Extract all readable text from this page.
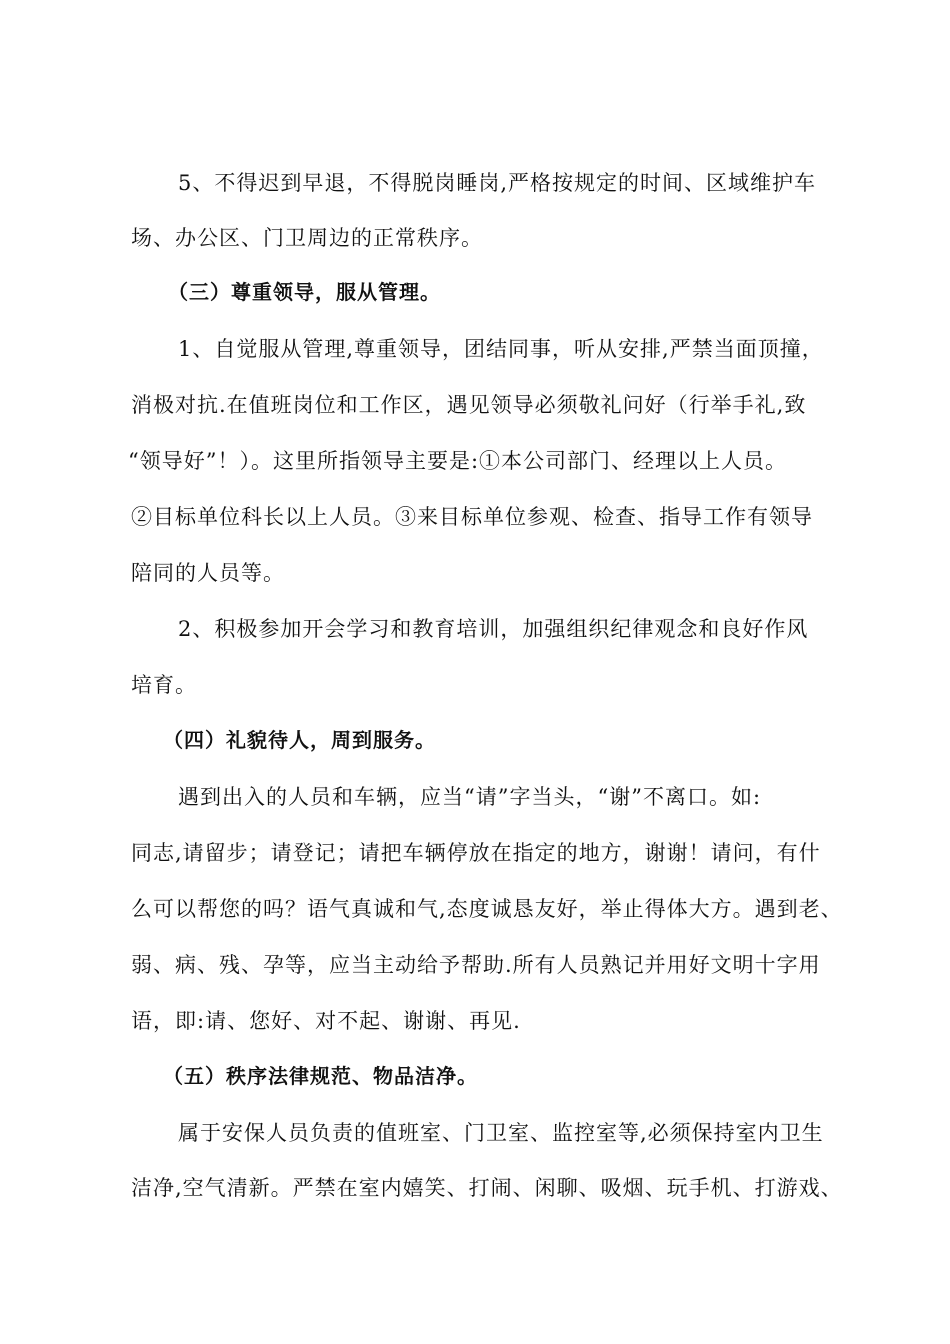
5、不得迟到早退，不得脱岗睡岗,严格按规定的时间、区域维护车

场、办公区、门卫周边的正常秩序。

（三）尊重领导，服从管理。

1、自觉服从管理,尊重领导，团结同事，听从安排,严禁当面顶撞，

消极对抗.在值班岗位和工作区，遇见领导必须敬礼问好（行举手礼,致

“领导好”！）。这里所指领导主要是:①本公司部门、经理以上人员。

②目标单位科长以上人员。③来目标单位参观、检查、指导工作有领导

陪同的人员等。

2、积极参加开会学习和教育培训，加强组织纪律观念和良好作风

培育。

（四）礼貌待人，周到服务。

遇到出入的人员和车辆，应当“请”字当头，“谢”不离口。如:

同志,请留步；请登记；请把车辆停放在指定的地方，谢谢！请问，有什

么可以帮您的吗？语气真诚和气,态度诚恳友好，举止得体大方。遇到老、

弱、病、残、孕等，应当主动给予帮助.所有人员熟记并用好文明十字用

语，即:请、您好、对不起、谢谢、再见.

（五）秩序法律规范、物品洁净。

属于安保人员负责的值班室、门卫室、监控室等,必须保持室内卫生

洁净,空气清新。严禁在室内嬉笑、打闹、闲聊、吸烟、玩手机、打游戏、
